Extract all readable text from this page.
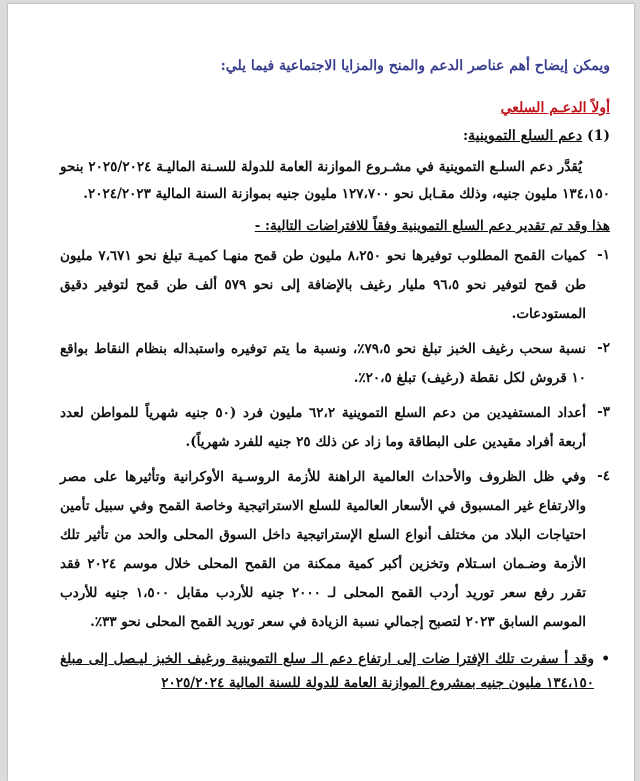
ويمكن إيضاح أهم عناصر الدعم والمنح والمزايا الاجتماعية فيما يلي:
أولاً الدعـم السلعي
(1) دعم السلع التموينية:
يُقدَّر دعم السلـع التموينية في مشـروع الموازنة العامة للدولة للسـنة الماليـة ٢٠٢٥/٢٠٢٤ بنحو ١٣٤،١٥٠ مليون جنيه، وذلك مقـابل نحو ١٢٧،٧٠٠ مليون جنيه بموازنة السنة المالية ٢٠٢٤/٢٠٢٣.
هذا وقد تم تقدير دعم السلع التموينية وفقاً للافتراضات التالية: -
١-
كميات القمح المطلوب توفيرها نحو ٨،٢٥٠ مليون طن قمح منهـا كميـة تبلغ نحو ٧،٦٧١ مليون طن قمح لتوفير نحو ٩٦،٥ مليار رغيف بالإضافة إلى نحو ٥٧٩ ألف طن قمح لتوفير دقيق المستودعات.
٢-
نسبة سحب رغيف الخبز تبلغ نحو ٧٩،٥٪، ونسبة ما يتم توفيره واستبداله بنظام النقاط بواقع ١٠ قروش لكل نقطة (رغيف) تبلغ ٢٠،٥٪.
٣-
أعداد المستفيدين من دعم السلع التموينية ٦٢،٢ مليون فرد (٥٠ جنيه شهرياً للمواطن لعدد أربعة أفراد مقيدين على البطاقة وما زاد عن ذلك ٢٥ جنيه للفرد شهرياً).
٤-
وفي ظل الظروف والأحداث العالمية الراهنة للأزمة الروسـية الأوكرانية وتأثيرها على مصر والارتفاع غير المسبوق في الأسعار العالمية للسلع الاستراتيجية وخاصة القمح وفي سبيل تأمين احتياجات البلاد من مختلف أنواع السلع الإستراتيجية داخل السوق المحلى والحد من تأثير تلك الأزمة وضـمان اسـتلام وتخزين أكبر كمية ممكنة من القمح المحلى خلال موسم ٢٠٢٤ فقد تقرر رفع سعر توريد أردب القمح المحلى لـ ٢٠٠٠ جنيه للأردب مقابل ١،٥٠٠ جنيه للأردب الموسم السابق ٢٠٢٣ لتصبح إجمالي نسبة الزيادة في سعر توريد القمح المحلى نحو ٣٣٪.
•
وقد أ سفرت تلك الإفترا ضات إلى ارتفاع دعم الـ سلع التموينية ورغيف الخبز ليـصل إلى مبلغ ١٣٤،١٥٠ مليون جنيه بمشروع الموازنة العامة للدولة للسنة المالية ٢٠٢٥/٢٠٢٤
